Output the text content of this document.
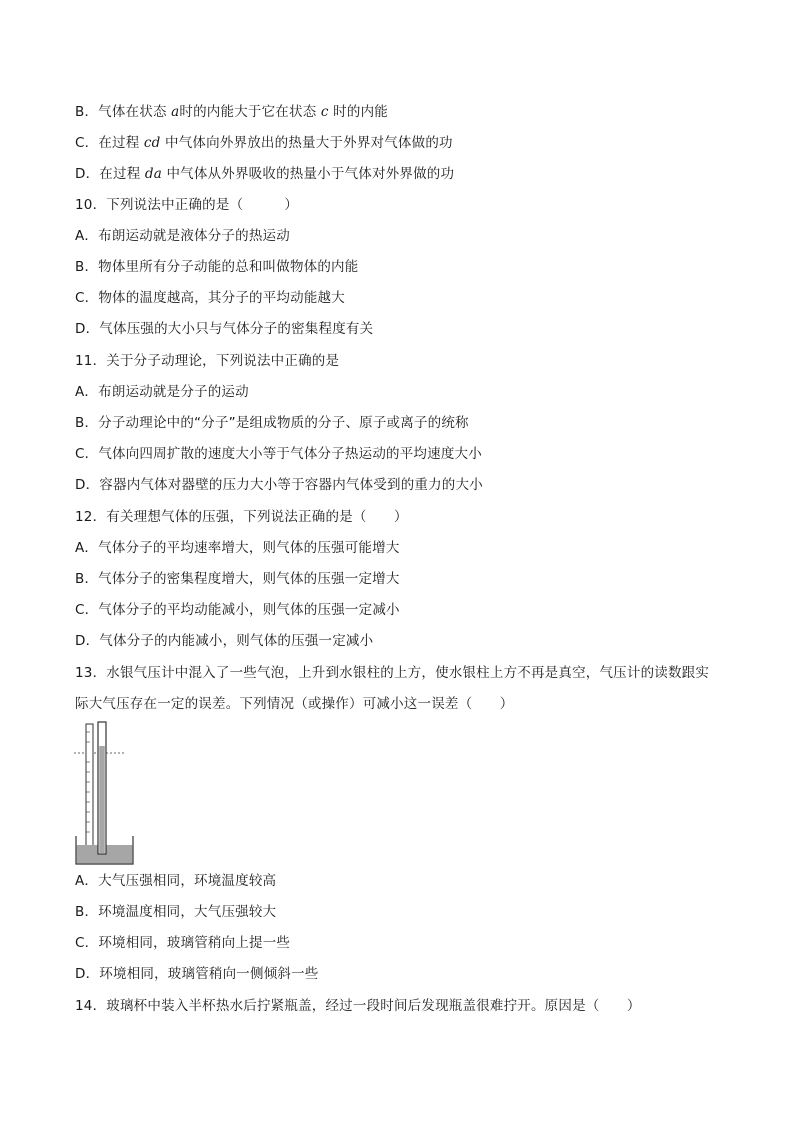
B．气体在状态 a时的内能大于它在状态 c 时的内能
C．在过程 cd 中气体向外界放出的热量大于外界对气体做的功
D．在过程 da 中气体从外界吸收的热量小于气体对外界做的功
10．下列说法中正确的是（　　　）
A．布朗运动就是液体分子的热运动
B．物体里所有分子动能的总和叫做物体的内能
C．物体的温度越高，其分子的平均动能越大
D．气体压强的大小只与气体分子的密集程度有关
11．关于分子动理论，下列说法中正确的是
A．布朗运动就是分子的运动
B．分子动理论中的“分子”是组成物质的分子、原子或离子的统称
C．气体向四周扩散的速度大小等于气体分子热运动的平均速度大小
D．容器内气体对器壁的压力大小等于容器内气体受到的重力的大小
12．有关理想气体的压强，下列说法正确的是（　　）
A．气体分子的平均速率增大，则气体的压强可能增大
B．气体分子的密集程度增大，则气体的压强一定增大
C．气体分子的平均动能减小，则气体的压强一定减小
D．气体分子的内能减小，则气体的压强一定减小
13．水银气压计中混入了一些气泡，上升到水银柱的上方，使水银柱上方不再是真空，气压计的读数跟实
际大气压存在一定的误差。下列情况（或操作）可减小这一误差（　　）
A．大气压强相同，环境温度较高
B．环境温度相同，大气压强较大
C．环境相同，玻璃管稍向上提一些
D．环境相同，玻璃管稍向一侧倾斜一些
14．玻璃杯中装入半杯热水后拧紧瓶盖，经过一段时间后发现瓶盖很难拧开。原因是（　　）
